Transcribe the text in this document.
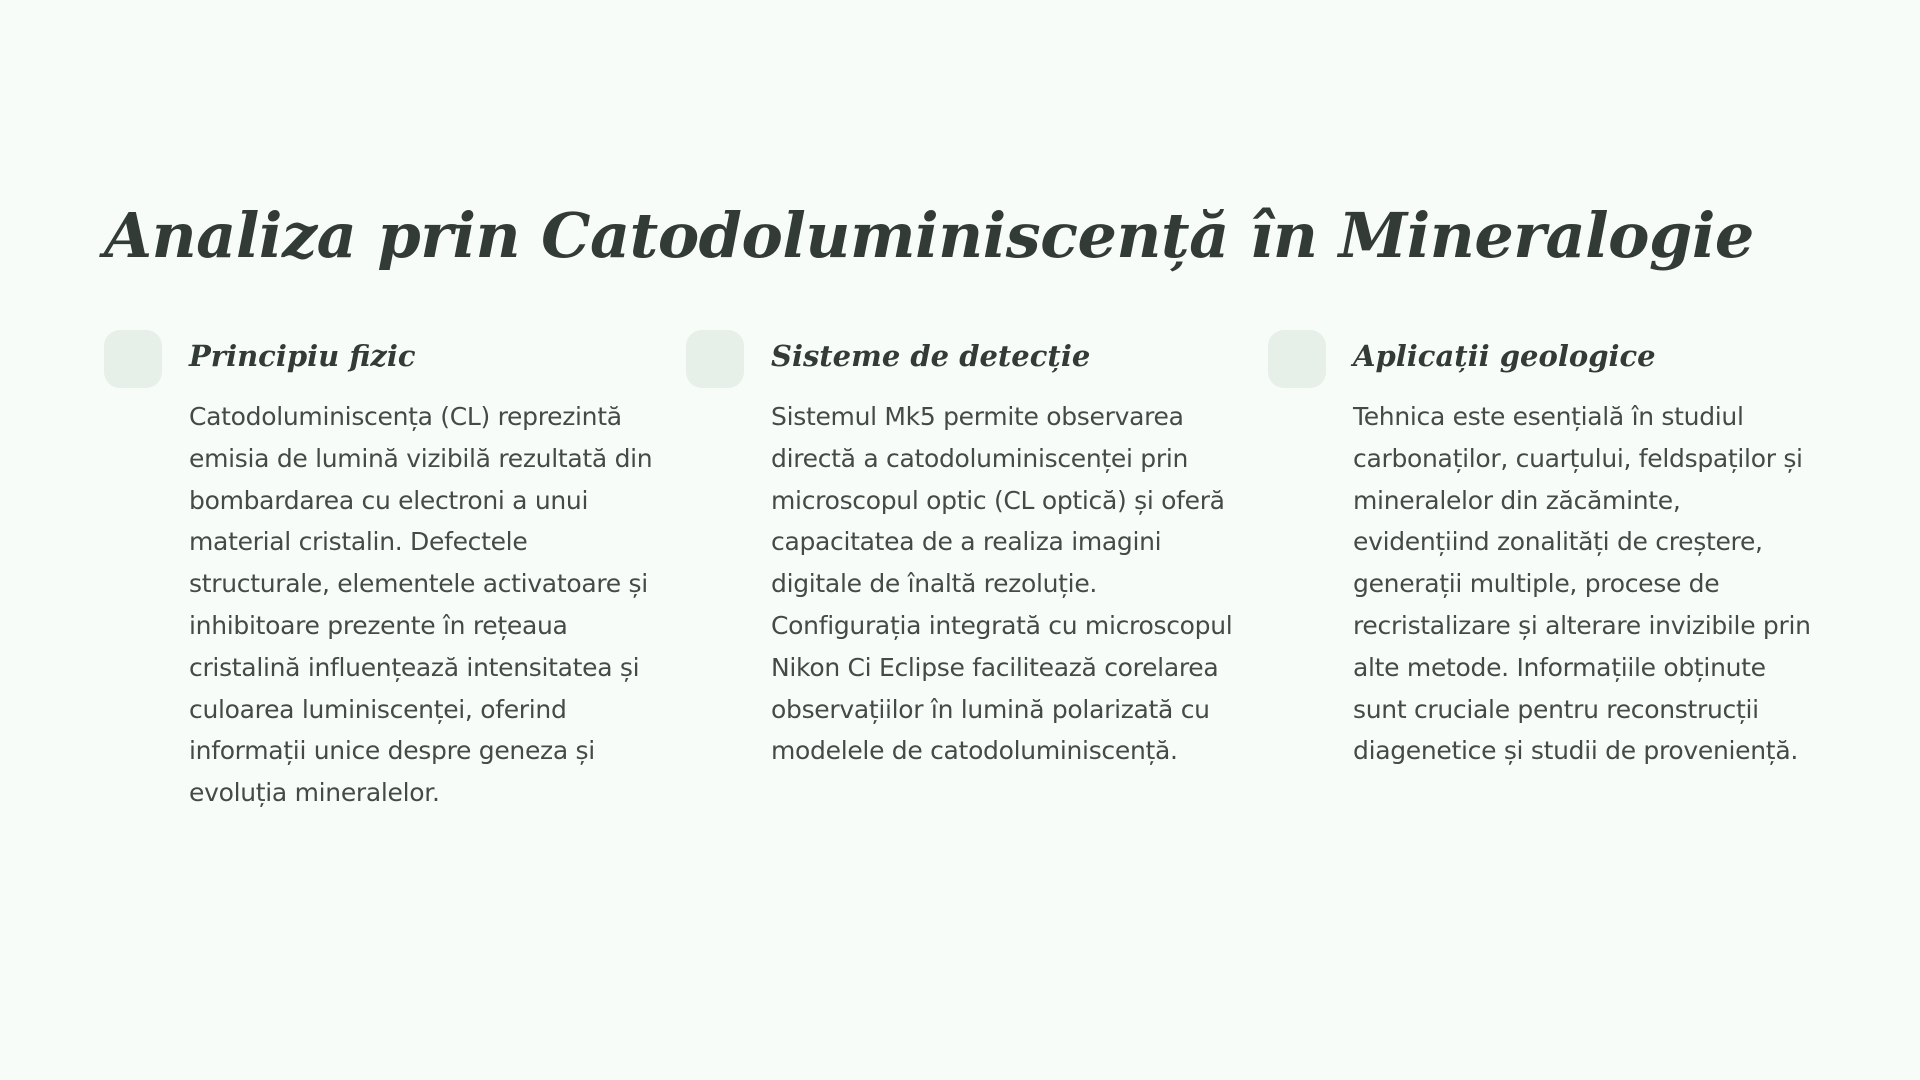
Analiza prin Catodoluminiscență în Mineralogie
Principiu fizic

Catodoluminiscența (CL) reprezintă emisia de lumină vizibilă rezultată din bombardarea cu electroni a unui material cristalin. Defectele structurale, elementele activatoare și inhibitoare prezente în rețeaua cristalină influențează intensitatea și culoarea luminiscenței, oferind informații unice despre geneza și evoluția mineralelor.

Sisteme de detecție

Sistemul Mk5 permite observarea directă a catodoluminiscenței prin microscopul optic (CL optică) și oferă capacitatea de a realiza imagini digitale de înaltă rezoluție. Configurația integrată cu microscopul Nikon Ci Eclipse facilitează corelarea observațiilor în lumină polarizată cu modelele de catodoluminiscență.

Aplicații geologice

Tehnica este esențială în studiul carbonaților, cuarțului, feldspaților și mineralelor din zăcăminte, evidențiind zonalități de creștere, generații multiple, procese de recristalizare și alterare invizibile prin alte metode. Informațiile obținute sunt cruciale pentru reconstrucții diagenetice și studii de proveniență.
